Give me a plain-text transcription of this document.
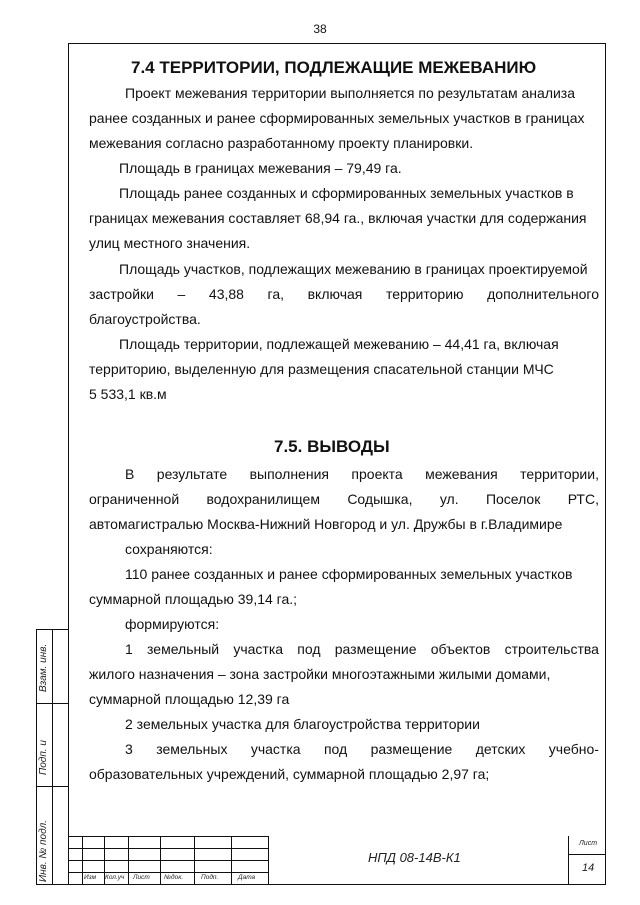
38
7.4 ТЕРРИТОРИИ, ПОДЛЕЖАЩИЕ МЕЖЕВАНИЮ
Проект межевания территории выполняется по результатам анализа
ранее созданных и ранее сформированных земельных участков в границах
межевания согласно разработанному проекту планировки.
Площадь в границах межевания – 79,49 га.
Площадь ранее созданных и сформированных земельных участков в
границах межевания составляет 68,94 га., включая участки для содержания
улиц местного значения.
Площадь участков, подлежащих межеванию в границах проектируемой
застройки – 43,88 га, включая территорию дополнительного
благоустройства.
Площадь территории, подлежащей межеванию – 44,41 га, включая
территорию, выделенную для размещения спасательной станции МЧС
5 533,1 кв.м
7.5. ВЫВОДЫ
В результате выполнения проекта межевания территории,
ограниченной водохранилищем Содышка, ул. Поселок РТС,
автомагистралью Москва-Нижний Новгород и ул. Дружбы в г.Владимире
сохраняются:
110 ранее созданных и ранее сформированных земельных участков
суммарной площадью 39,14 га.;
формируются:
1 земельный участка под размещение объектов строительства
жилого назначения – зона застройки многоэтажными жилыми домами,
суммарной площадью 12,39 га
2 земельных участка для благоустройства территории
3 земельных участка под размещение детских учебно-
образовательных учреждений, суммарной площадью 2,97 га;
Инв. № подл.
Подп. и
Взам. инв.
Изм Кол.уч Лист №док.	Подп.	Дата
НПД 08-14В-К1
Лист
14
